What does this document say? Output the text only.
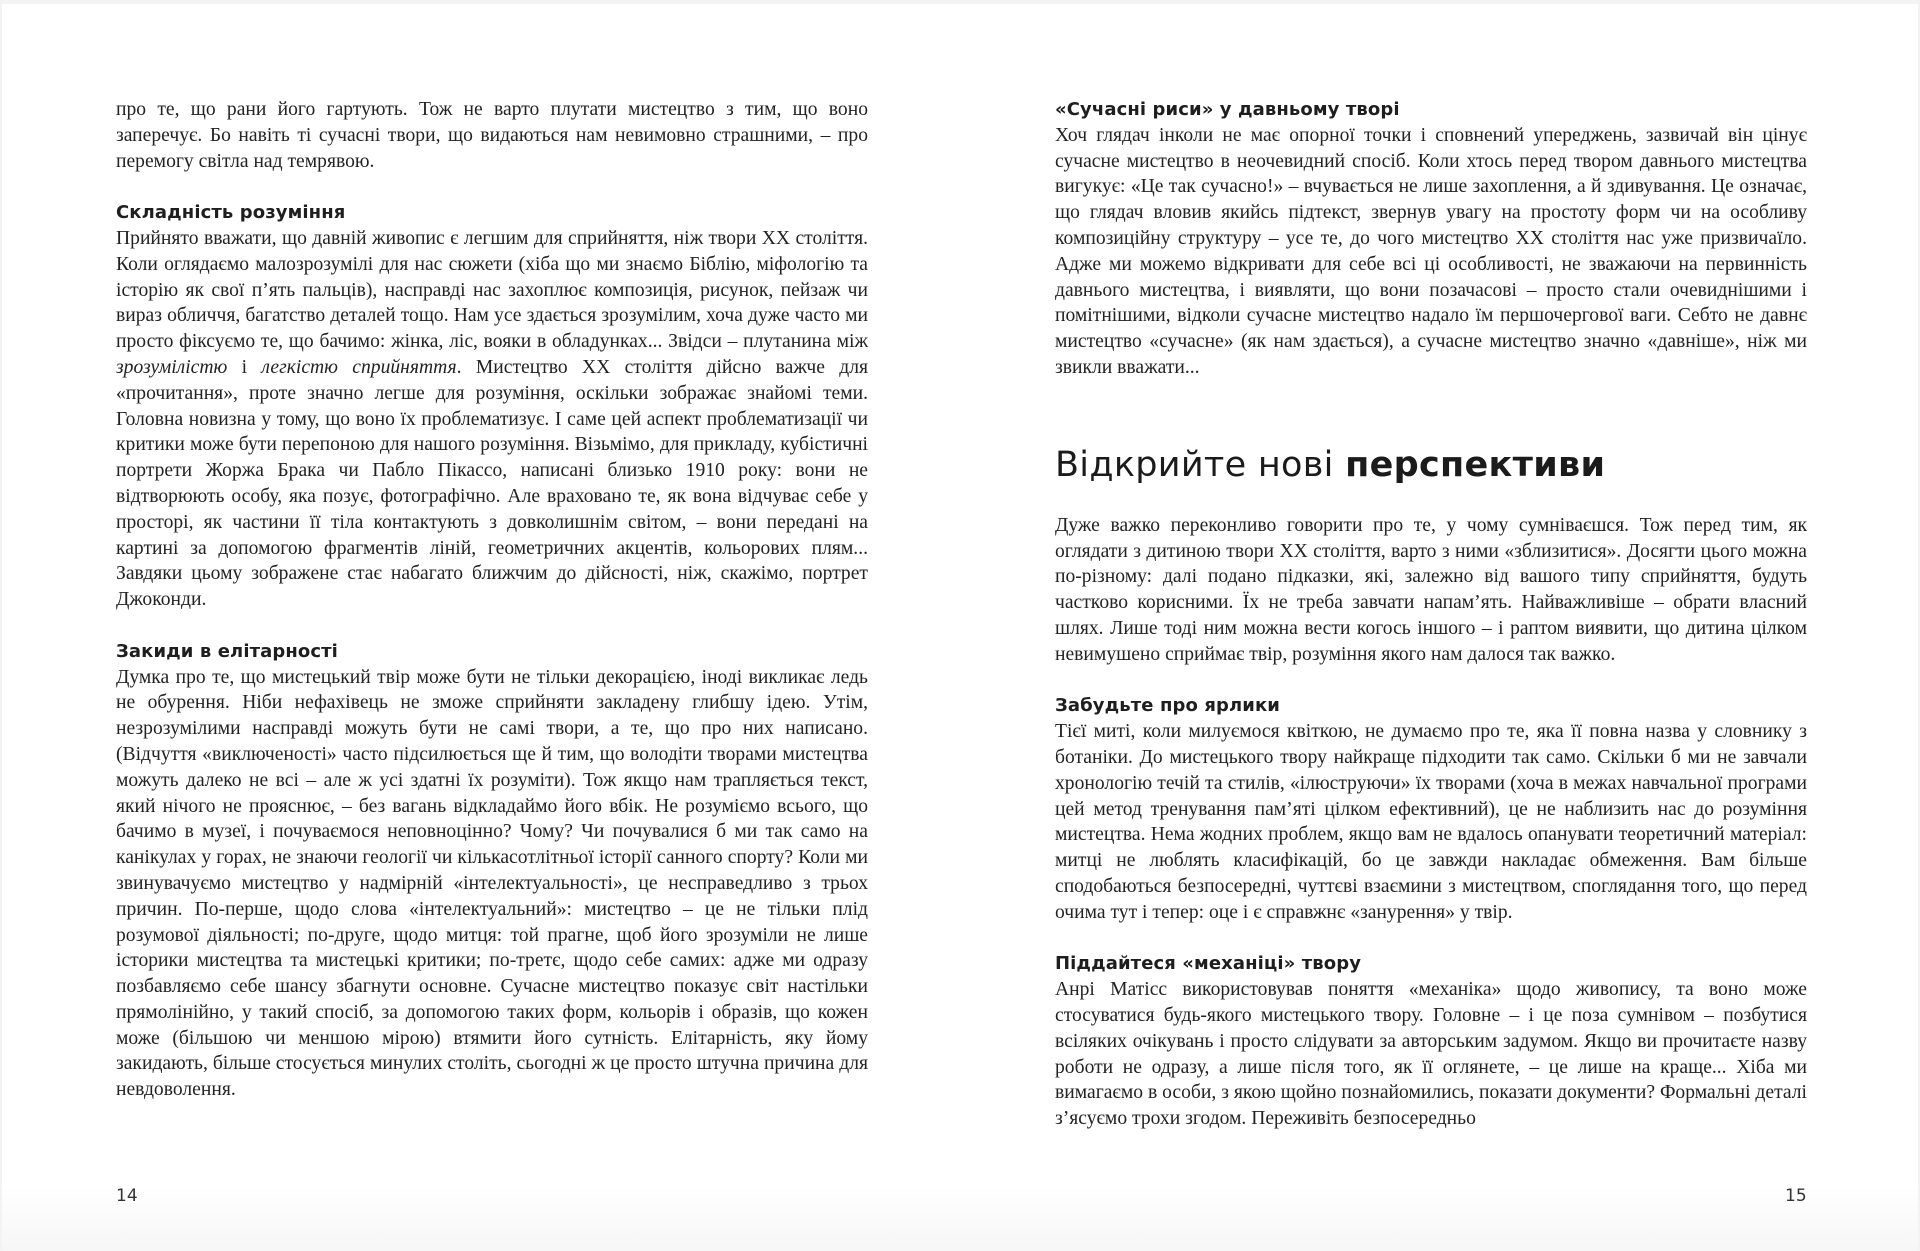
про те, що рани його гартують. Тож не варто плутати мистецтво з тим, що воно заперечує. Бо навіть ті сучасні твори, що видаються нам невимовно страшними, – про перемогу світла над темрявою.

Складність розуміння

Прийнято вважати, що давній живопис є легшим для сприйняття, ніж твори XX століття. Коли оглядаємо малозрозумілі для нас сюжети (хіба що ми знаємо Біблію, міфологію та історію як свої п’ять пальців), насправді нас захоплює композиція, рисунок, пейзаж чи вираз обличчя, багатство деталей тощо. Нам усе здається зрозумілим, хоча дуже часто ми просто фіксуємо те, що бачимо: жінка, ліс, вояки в обладунках... Звідси – плутанина між зрозумілістю і легкістю сприйняття. Мистецтво XX століття дійсно важче для «прочитання», проте значно легше для розуміння, оскільки зображає знайомі теми. Головна новизна у тому, що воно їх проблематизує. І саме цей аспект проблематизації чи критики може бути перепоною для нашого розуміння. Візьмімо, для прикладу, кубістичні портрети Жоржа Брака чи Пабло Пікассо, написані близько 1910 року: вони не відтворюють особу, яка позує, фотографічно. Але враховано те, як вона відчуває себе у просторі, як частини її тіла контактують з довколишнім світом, – вони передані на картині за допомогою фрагментів ліній, геометричних акцентів, кольорових плям... Завдяки цьому зображене стає набагато ближчим до дійсності, ніж, скажімо, портрет Джоконди.

Закиди в елітарності

Думка про те, що мистецький твір може бути не тільки декорацією, іноді викликає ледь не обурення. Ніби нефахівець не зможе сприйняти закладену глибшу ідею. Утім, незрозумілими насправді можуть бути не самі твори, а те, що про них написано. (Відчуття «виключеності» часто підсилюється ще й тим, що володіти творами мистецтва можуть далеко не всі – але ж усі здатні їх розуміти). Тож якщо нам трапляється текст, який нічого не прояснює, – без вагань відкладаймо його вбік. Не розуміємо всього, що бачимо в музеї, і почуваємося неповноцінно? Чому? Чи почувалися б ми так само на канікулах у горах, не знаючи геології чи кількасотлітньої історії санного спорту? Коли ми звинувачуємо мистецтво у надмірній «інтелектуальності», це несправедливо з трьох причин. По-перше, щодо слова «інтелектуальний»: мистецтво – це не тільки плід розумової діяльності; по-друге, щодо митця: той прагне, щоб його зрозуміли не лише історики мистецтва та мистецькі критики; по-третє, щодо себе самих: адже ми одразу позбавляємо себе шансу збагнути основне. Сучасне мистецтво показує світ настільки прямолінійно, у такий спосіб, за допомогою таких форм, кольорів і образів, що кожен може (більшою чи меншою мірою) втямити його сутність. Елітарність, яку йому закидають, більше стосується минулих століть, сьогодні ж це просто штучна причина для невдоволення.

14
«Сучасні риси» у давньому творі

Хоч глядач інколи не має опорної точки і сповнений упереджень, зазвичай він цінує сучасне мистецтво в неочевидний спосіб. Коли хтось перед твором давнього мистецтва вигукує: «Це так сучасно!» – вчувається не лише захоплення, а й здивування. Це означає, що глядач вловив якийсь підтекст, звернув увагу на простоту форм чи на особливу композиційну структуру – усе те, до чого мистецтво XX століття нас уже призвичаїло. Адже ми можемо відкривати для себе всі ці особливості, не зважаючи на первинність давнього мистецтва, і виявляти, що вони позачасові – просто стали очевиднішими і помітнішими, відколи сучасне мистецтво надало їм першочергової ваги. Себто не давнє мистецтво «сучасне» (як нам здається), а сучасне мистецтво значно «давніше», ніж ми звикли вважати...

Відкрийте нові перспективи

Дуже важко переконливо говорити про те, у чому сумніваєшся. Тож перед тим, як оглядати з дитиною твори XX століття, варто з ними «зблизитися». Досягти цього можна по-різному: далі подано підказки, які, залежно від вашого типу сприйняття, будуть частково корисними. Їх не треба завчати напам’ять. Найважливіше – обрати власний шлях. Лише тоді ним можна вести когось іншого – і раптом виявити, що дитина цілком невимушено сприймає твір, розуміння якого нам далося так важко.

Забудьте про ярлики

Тієї миті, коли милуємося квіткою, не думаємо про те, яка її повна назва у словнику з ботаніки. До мистецького твору найкраще підходити так само. Скільки б ми не завчали хронологію течій та стилів, «ілюструючи» їх творами (хоча в межах навчальної програми цей метод тренування пам’яті цілком ефективний), це не наблизить нас до розуміння мистецтва. Нема жодних проблем, якщо вам не вдалось опанувати теоретичний матеріал: митці не люблять класифікацій, бо це завжди накладає обмеження. Вам більше сподобаються безпосередні, чуттєві взаємини з мистецтвом, споглядання того, що перед очима тут і тепер: оце і є справжнє «занурення» у твір.

Піддайтеся «механіці» твору

Анрі Матісс використовував поняття «механіка» щодо живопису, та воно може стосуватися будь-якого мистецького твору. Головне – і це поза сумнівом – позбутися всіляких очікувань і просто слідувати за авторським задумом. Якщо ви прочитаєте назву роботи не одразу, а лише після того, як її оглянете, – це лише на краще... Хіба ми вимагаємо в особи, з якою щойно познайомились, показати документи? Формальні деталі з’ясуємо трохи згодом. Переживіть безпосередньо

15
